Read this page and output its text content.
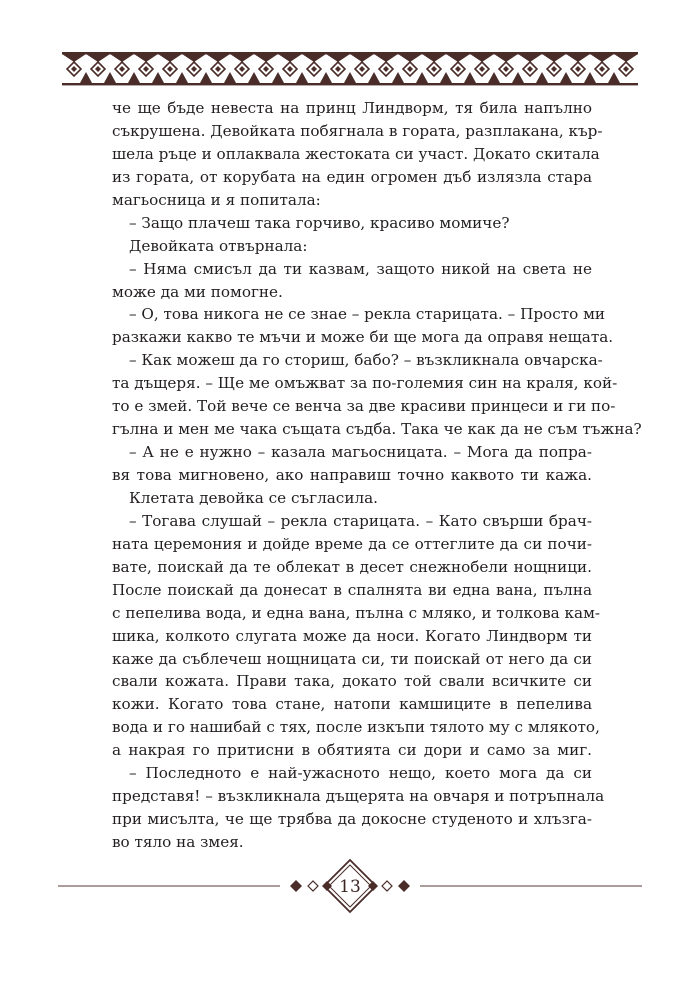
че ще бъде невеста на принц Линдворм, тя била напълно
съкрушена. Девойката побягнала в гората, разплакана, кър-
шела ръце и оплаквала жестоката си участ. Докато скитала
из гората, от корубата на един огромен дъб излязла стара
магьосница и я попитала:
– Защо плачеш така горчиво, красиво момиче?
Девойката отвърнала:
– Няма смисъл да ти казвам, защото никой на света не
може да ми помогне.
– О, това никога не се знае – рекла старицата. – Просто ми
разкажи какво те мъчи и може би ще мога да оправя нещата.
– Как можеш да го сториш, бабо? – възкликнала овчарска-
та дъщеря. – Ще ме омъжват за по-големия син на краля, кой-
то е змей. Той вече се венча за две красиви принцеси и ги по-
гълна и мен ме чака същата съдба. Така че как да не съм тъжна?
– А не е нужно – казала магьосницата. – Мога да попра-
вя това мигновено, ако направиш точно каквото ти кажа.
Клетата девойка се съгласила.
– Тогава слушай – рекла старицата. – Като свърши брач-
ната церемония и дойде време да се оттеглите да си почи-
вате, поискай да те облекат в десет снежнобели нощници.
После поискай да донесат в спалнята ви една вана, пълна
с пепелива вода, и една вана, пълна с мляко, и толкова кам-
шика, колкото слугата може да носи. Когато Линдворм ти
каже да съблечеш нощницата си, ти поискай от него да си
свали кожата. Прави така, докато той свали всичките си
кожи. Когато това стане, натопи камшиците в пепелива
вода и го нашибай с тях, после изкъпи тялото му с млякото,
а накрая го притисни в обятията си дори и само за миг.
– Последното е най-ужасното нещо, което мога да си
представя! – възкликнала дъщерята на овчаря и потръпнала
при мисълта, че ще трябва да докосне студеното и хлъзга-
во тяло на змея.
13
